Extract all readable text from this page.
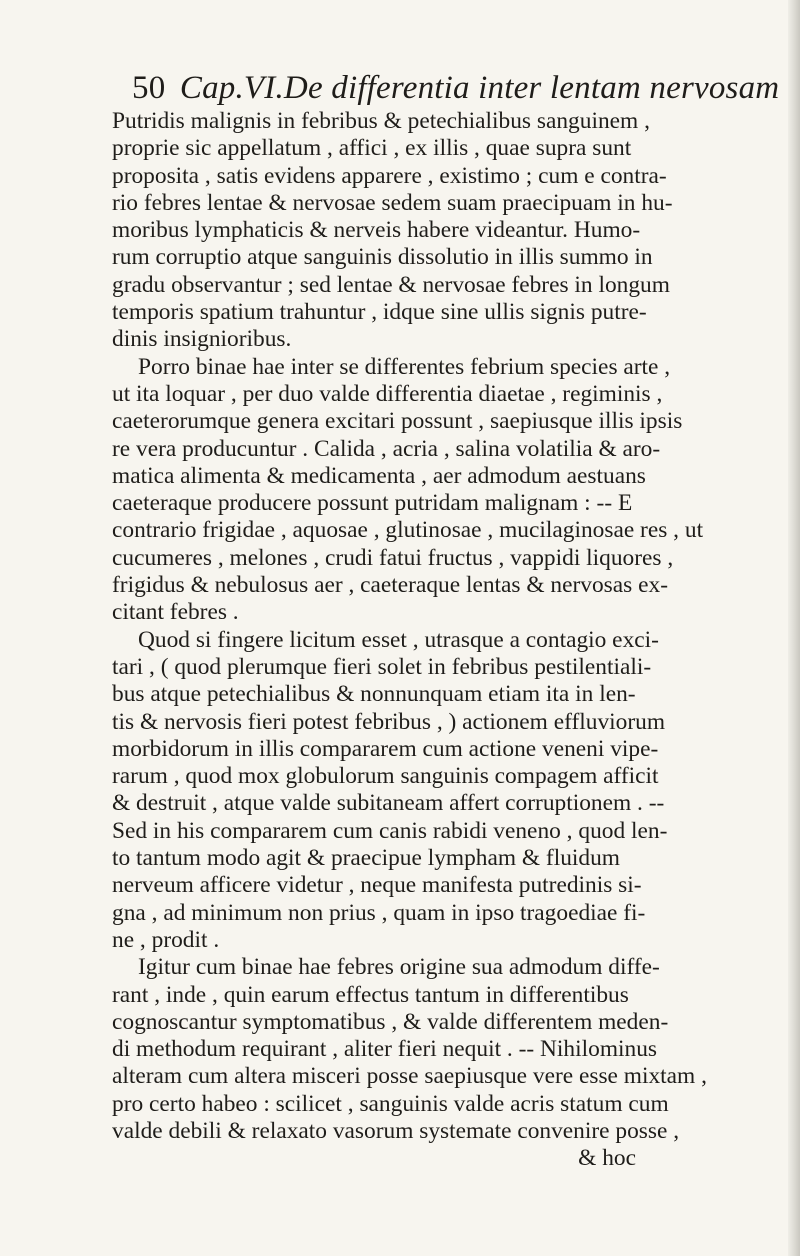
50 Cap.VI.De differentia inter lentam nervosam

Putridis malignis in febribus & petechialibus sanguinem ,
proprie sic appellatum , affici , ex illis , quae supra sunt
proposita , satis evidens apparere , existimo ; cum e contra-
rio febres lentae & nervosae sedem suam praecipuam in hu-
moribus lymphaticis & nerveis habere videantur. Humo-
rum corruptio atque sanguinis dissolutio in illis summo in
gradu observantur ; sed lentae & nervosae febres in longum
temporis spatium trahuntur , idque sine ullis signis putre-
dinis insignioribus.

Porro binae hae inter se differentes febrium species arte ,
ut ita loquar , per duo valde differentia diaetae , regiminis ,
caeterorumque genera excitari possunt , saepiusque illis ipsis
re vera producuntur . Calida , acria , salina volatilia & aro-
matica alimenta & medicamenta , aer admodum aestuans
caeteraque producere possunt putridam malignam : -- E
contrario frigidae , aquosae , glutinosae , mucilaginosae res , ut
cucumeres , melones , crudi fatui fructus , vappidi liquores ,
frigidus & nebulosus aer , caeteraque lentas & nervosas ex-
citant febres .

Quod si fingere licitum esset , utrasque a contagio exci-
tari , ( quod plerumque fieri solet in febribus pestilentiali-
bus atque petechialibus & nonnunquam etiam ita in len-
tis & nervosis fieri potest febribus , ) actionem effluviorum
morbidorum in illis compararem cum actione veneni vipe-
rarum , quod mox globulorum sanguinis compagem afficit
& destruit , atque valde subitaneam affert corruptionem . --
Sed in his compararem cum canis rabidi veneno , quod len-
to tantum modo agit & praecipue lympham & fluidum
nerveum afficere videtur , neque manifesta putredinis si-
gna , ad minimum non prius , quam in ipso tragoediae fi-
ne , prodit .

Igitur cum binae hae febres origine sua admodum diffe-
rant , inde , quin earum effectus tantum in differentibus
cognoscantur symptomatibus , & valde differentem meden-
di methodum requirant , aliter fieri nequit . -- Nihilominus
alteram cum altera misceri posse saepiusque vere esse mixtam ,
pro certo habeo : scilicet , sanguinis valde acris statum cum
valde debili & relaxato vasorum systemate convenire posse ,

& hoc
